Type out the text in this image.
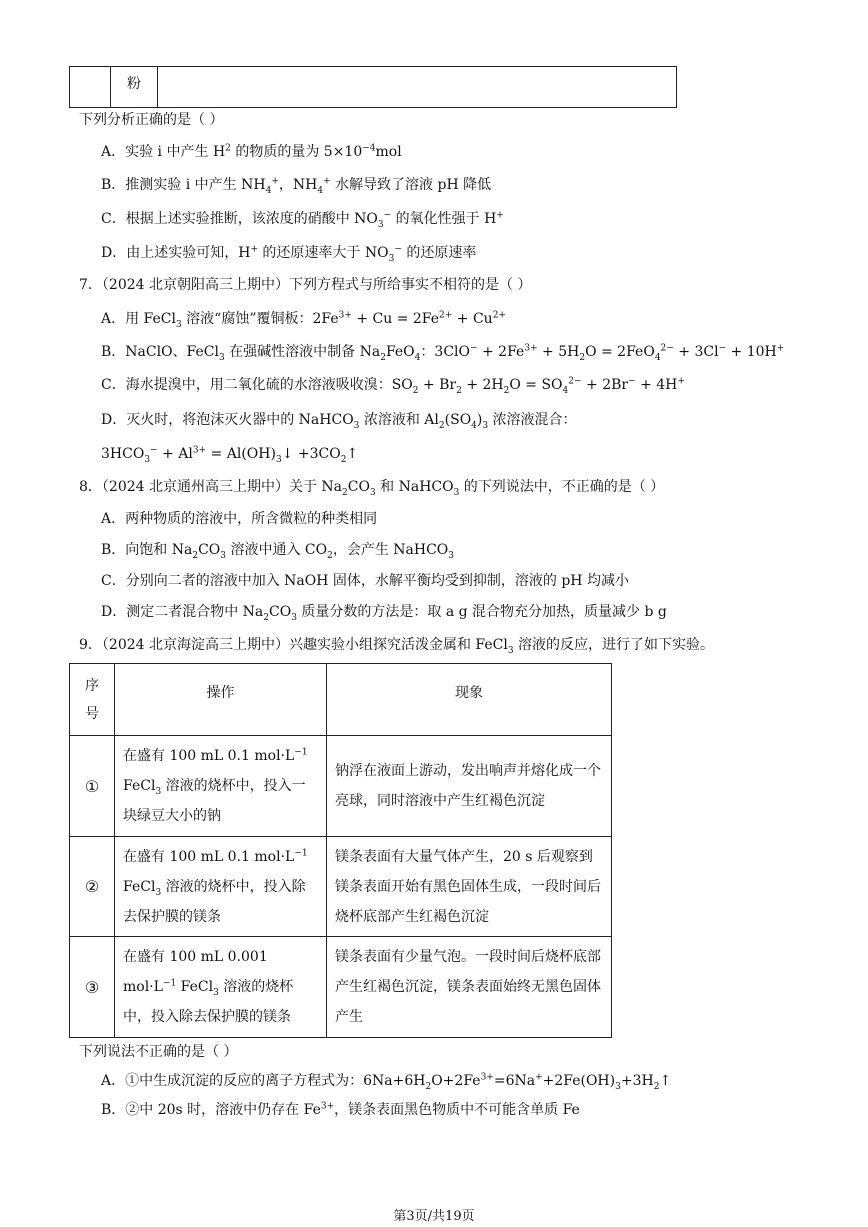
	粉	
下列分析正确的是（ ）
A．实验 i 中产生 $H^2$ 的物质的量为 $5\times 10^{-4}mol$
B．推测实验 i 中产生 $NH_4^+$，$NH_4^+$ 水解导致了溶液 pH 降低
C．根据上述实验推断，该浓度的硝酸中 $NO_3^-$ 的氧化性强于 H+
D．由上述实验可知，H+ 的还原速率大于 $NO_3^-$ 的还原速率
7．（2024 北京朝阳高三上期中）下列方程式与所给事实不相符的是（ ）
A．用 FeCl$_3$ 溶液“腐蚀”覆铜板：$2Fe^{3+} + Cu = 2Fe^{2+} + Cu^{2+}$
B．NaClO、FeCl$_3$ 在强碱性溶液中制备 $Na_2FeO_4$：$3ClO^- + 2Fe^{3+} + 5H_2O = 2FeO_4^{2-} + 3Cl^- + 10H^+$
C．海水提溴中，用二氧化硫的水溶液吸收溴：$SO_2 + Br_2 + 2H_2O = SO_4^{2-} + 2Br^- + 4H^+$
D．灭火时，将泡沫灭火器中的 NaHCO$_3$ 浓溶液和 $Al_2(SO_4)_3$ 浓溶液混合：
$3HCO_3^- + Al^{3+}$ = $Al(OH)_3↓$ $+3CO_2↑$
8．（2024 北京通州高三上期中）关于 $Na_2CO_3$ 和 NaHCO$_3$ 的下列说法中，不正确的是（ ）
A．两种物质的溶液中，所含微粒的种类相同
B．向饱和 $Na_2CO_3$ 溶液中通入 $CO_2$，会产生 NaHCO$_3$
C．分别向二者的溶液中加入 NaOH 固体，水解平衡均受到抑制，溶液的 pH 均减小
D．测定二者混合物中 $Na_2CO_3$ 质量分数的方法是：取 a g 混合物充分加热，质量减少 b g
9．（2024 北京海淀高三上期中）兴趣实验小组探究活泼金属和 FeCl$_3$ 溶液的反应，进行了如下实验。
序号	操作	现象
①	在盛有 100 mL 0.1 $mol\cdot L^{-1}$ FeCl$_3$ 溶液的烧杯中，投入一块绿豆大小的钠	钠浮在液面上游动，发出响声并熔化成一个亮球，同时溶液中产生红褐色沉淀

②	在盛有 100 mL 0.1 $mol\cdot L^{-1}$ FeCl$_3$ 溶液的烧杯中，投入除去保护膜的镁条	镁条表面有大量气体产生，20 s 后观察到镁条表面开始有黑色固体生成，一段时间后烧杯底部产生红褐色沉淀

③	在盛有 100 mL 0.001 $mol\cdot L^{-1}$ FeCl$_3$ 溶液的烧杯中，投入除去保护膜的镁条	镁条表面有少量气泡。一段时间后烧杯底部产生红褐色沉淀，镁条表面始终无黑色固体产生
下列说法不正确的是（ ）
A．①中生成沉淀的反应的离子方程式为：$6Na+6H_2O+2Fe^{3+}=6Na^++2Fe(OH)_3+3H_2↑$
B．②中 20s 时，溶液中仍存在 $Fe^{3+}$，镁条表面黑色物质中不可能含单质 Fe
第3页/共19页
